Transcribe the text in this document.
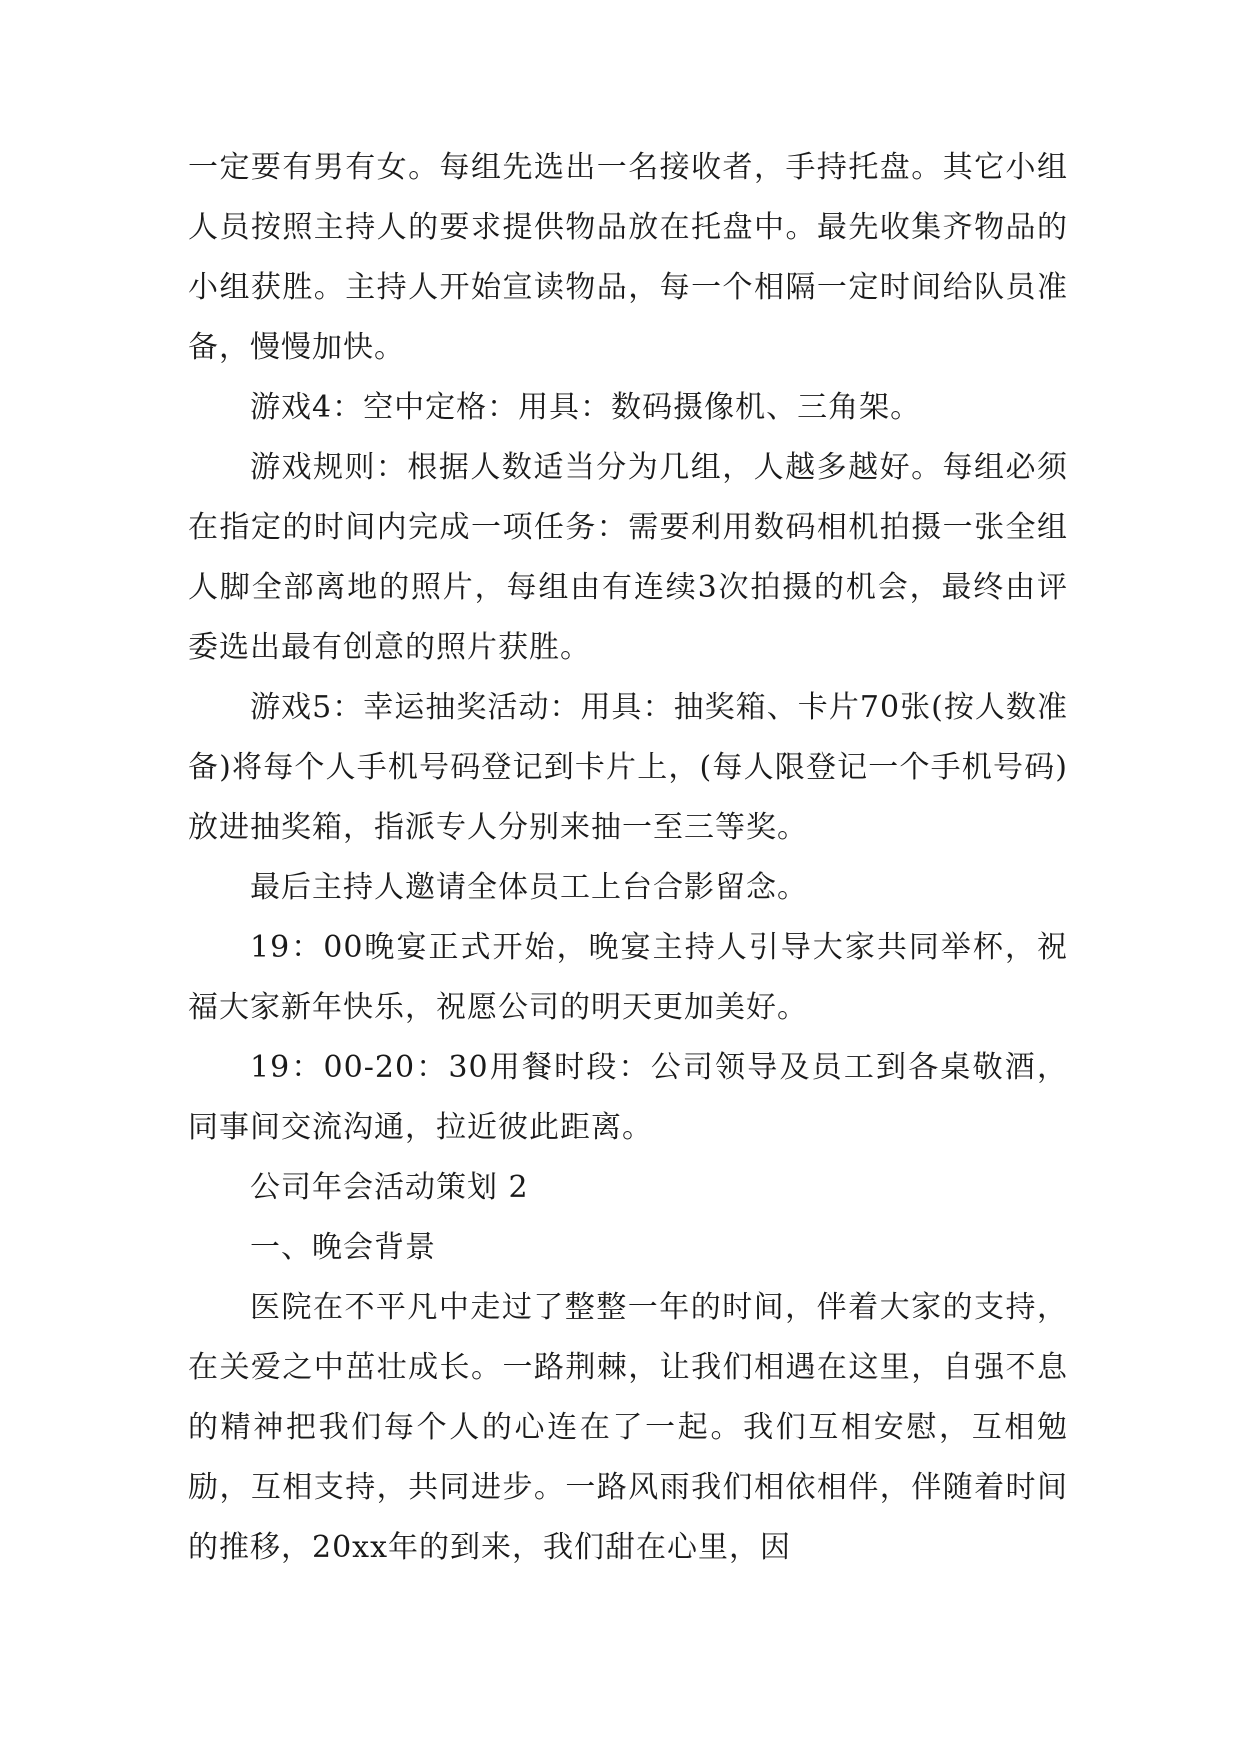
一定要有男有女。每组先选出一名接收者，手持托盘。其它小组人员按照主持人的要求提供物品放在托盘中。最先收集齐物品的小组获胜。主持人开始宣读物品，每一个相隔一定时间给队员准备，慢慢加快。

游戏4：空中定格：用具：数码摄像机、三角架。

游戏规则：根据人数适当分为几组，人越多越好。每组必须在指定的时间内完成一项任务：需要利用数码相机拍摄一张全组人脚全部离地的照片，每组由有连续3次拍摄的机会，最终由评委选出最有创意的照片获胜。

游戏5：幸运抽奖活动：用具：抽奖箱、卡片70张(按人数准备)将每个人手机号码登记到卡片上，(每人限登记一个手机号码)放进抽奖箱，指派专人分别来抽一至三等奖。

最后主持人邀请全体员工上台合影留念。

19：00晚宴正式开始，晚宴主持人引导大家共同举杯，祝福大家新年快乐，祝愿公司的明天更加美好。

19：00-20：30用餐时段：公司领导及员工到各桌敬酒，同事间交流沟通，拉近彼此距离。

公司年会活动策划 2

一、晚会背景

医院在不平凡中走过了整整一年的时间，伴着大家的支持，在关爱之中茁壮成长。一路荆棘，让我们相遇在这里，自强不息的精神把我们每个人的心连在了一起。我们互相安慰，互相勉励，互相支持，共同进步。一路风雨我们相依相伴，伴随着时间的推移，20xx年的到来，我们甜在心里，因
